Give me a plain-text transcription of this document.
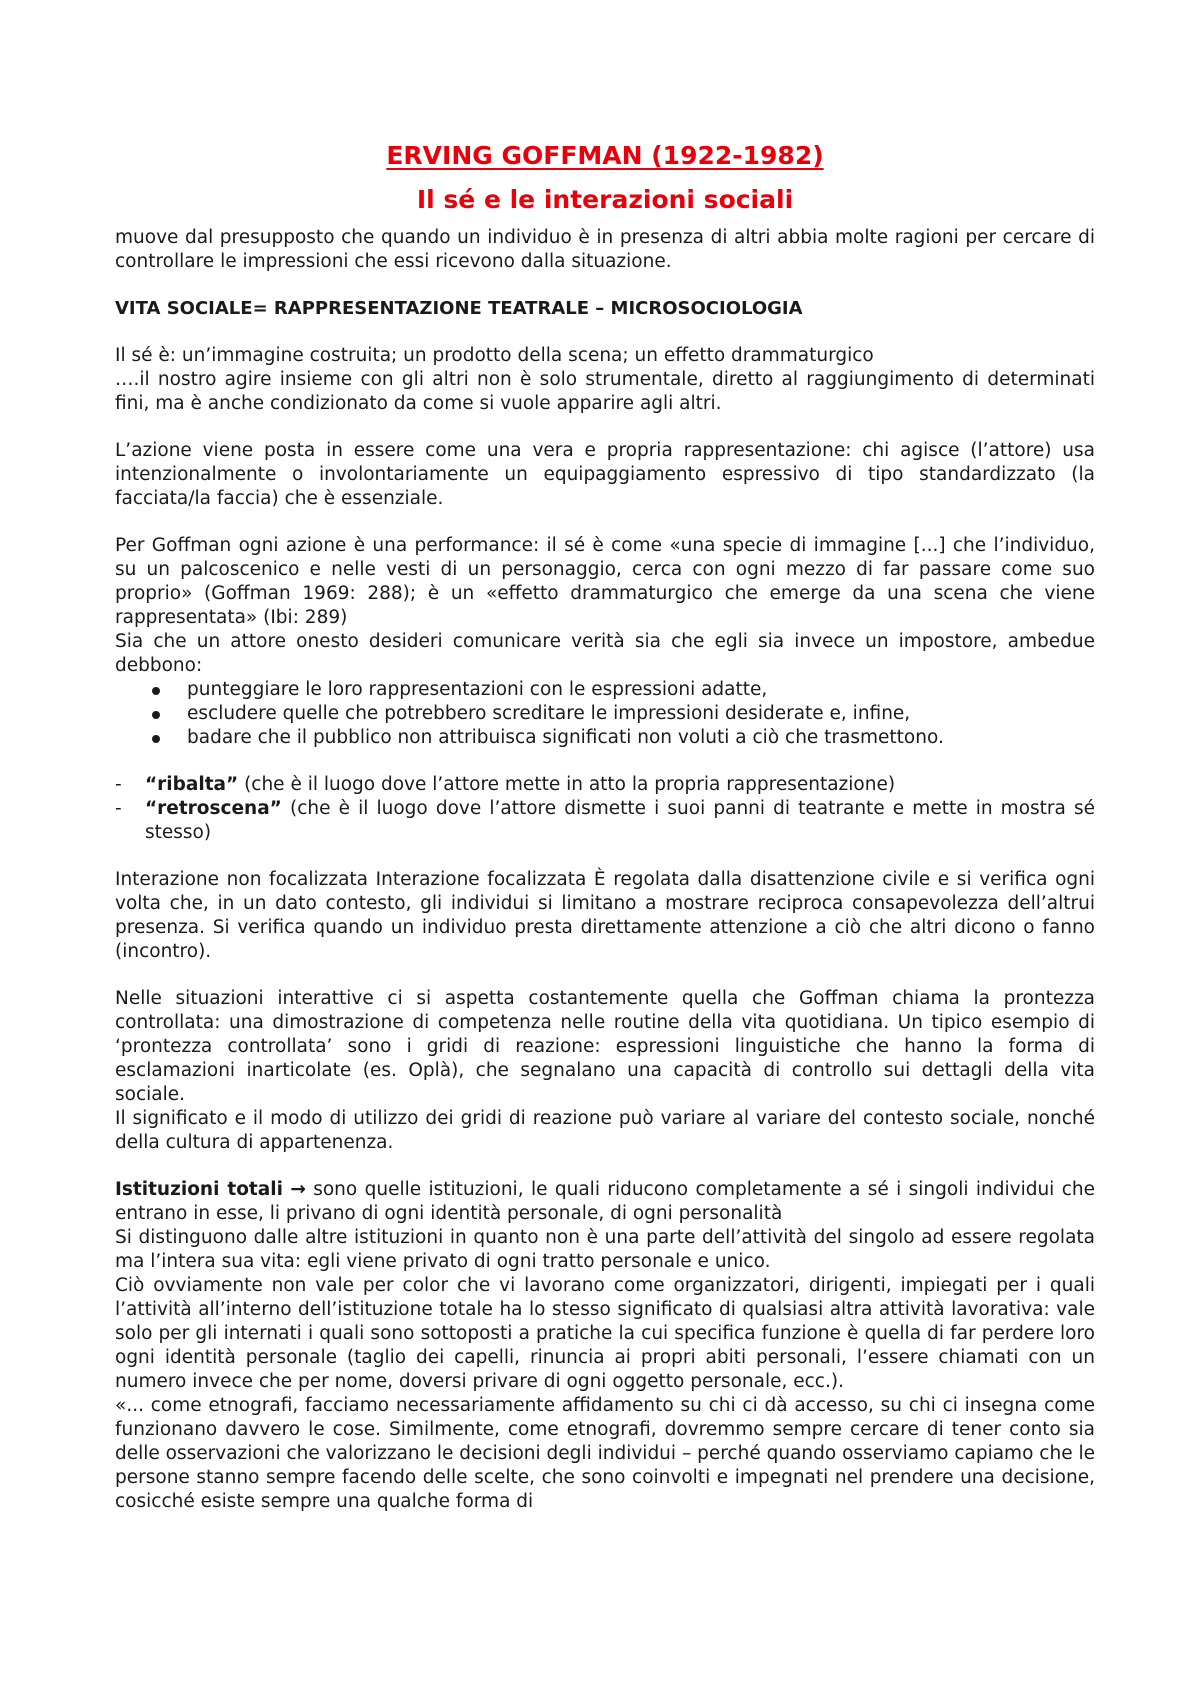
ERVING GOFFMAN (1922-1982)
Il sé e le interazioni sociali

muove dal presupposto che quando un individuo è in presenza di altri abbia molte ragioni per cercare di controllare le impressioni che essi ricevono dalla situazione.

VITA SOCIALE= RAPPRESENTAZIONE TEATRALE – MICROSOCIOLOGIA

Il sé è: un’immagine costruita; un prodotto della scena; un effetto drammaturgico

….il nostro agire insieme con gli altri non è solo strumentale, diretto al raggiungimento di determinati fini, ma è anche condizionato da come si vuole apparire agli altri.

L’azione viene posta in essere come una vera e propria rappresentazione: chi agisce (l’attore) usa intenzionalmente o involontariamente un equipaggiamento espressivo di tipo standardizzato (la facciata/la faccia) che è essenziale.

Per Goffman ogni azione è una performance: il sé è come «una specie di immagine [...] che l’individuo, su un palcoscenico e nelle vesti di un personaggio, cerca con ogni mezzo di far passare come suo proprio» (Goffman 1969: 288); è un «effetto drammaturgico che emerge da una scena che viene rappresentata» (Ibi: 289)

Sia che un attore onesto desideri comunicare verità sia che egli sia invece un impostore, ambedue debbono:

punteggiare le loro rappresentazioni con le espressioni adatte,
escludere quelle che potrebbero screditare le impressioni desiderate e, infine,
badare che il pubblico non attribuisca significati non voluti a ciò che trasmettono.
- “ribalta” (che è il luogo dove l’attore mette in atto la propria rappresentazione)
- “retroscena” (che è il luogo dove l’attore dismette i suoi panni di teatrante e mette in mostra sé stesso)

Interazione non focalizzata Interazione focalizzata È regolata dalla disattenzione civile e si verifica ogni volta che, in un dato contesto, gli individui si limitano a mostrare reciproca consapevolezza dell’altrui presenza. Si verifica quando un individuo presta direttamente attenzione a ciò che altri dicono o fanno (incontro).

Nelle situazioni interattive ci si aspetta costantemente quella che Goffman chiama la prontezza controllata: una dimostrazione di competenza nelle routine della vita quotidiana. Un tipico esempio di ‘prontezza controllata’ sono i gridi di reazione: espressioni linguistiche che hanno la forma di esclamazioni inarticolate (es. Oplà), che segnalano una capacità di controllo sui dettagli della vita sociale.

Il significato e il modo di utilizzo dei gridi di reazione può variare al variare del contesto sociale, nonché della cultura di appartenenza.

Istituzioni totali → sono quelle istituzioni, le quali riducono completamente a sé i singoli individui che entrano in esse, li privano di ogni identità personale, di ogni personalità

Si distinguono dalle altre istituzioni in quanto non è una parte dell’attività del singolo ad essere regolata ma l’intera sua vita: egli viene privato di ogni tratto personale e unico.

Ciò ovviamente non vale per color che vi lavorano come organizzatori, dirigenti, impiegati per i quali l’attività all’interno dell’istituzione totale ha lo stesso significato di qualsiasi altra attività lavorativa: vale solo per gli internati i quali sono sottoposti a pratiche la cui specifica funzione è quella di far perdere loro ogni identità personale (taglio dei capelli, rinuncia ai propri abiti personali, l’essere chiamati con un numero invece che per nome, doversi privare di ogni oggetto personale, ecc.).

«... come etnografi, facciamo necessariamente affidamento su chi ci dà accesso, su chi ci insegna come funzionano davvero le cose. Similmente, come etnografi, dovremmo sempre cercare di tener conto sia delle osservazioni che valorizzano le decisioni degli individui – perché quando osserviamo capiamo che le persone stanno sempre facendo delle scelte, che sono coinvolti e impegnati nel prendere una decisione, cosicché esiste sempre una qualche forma di
